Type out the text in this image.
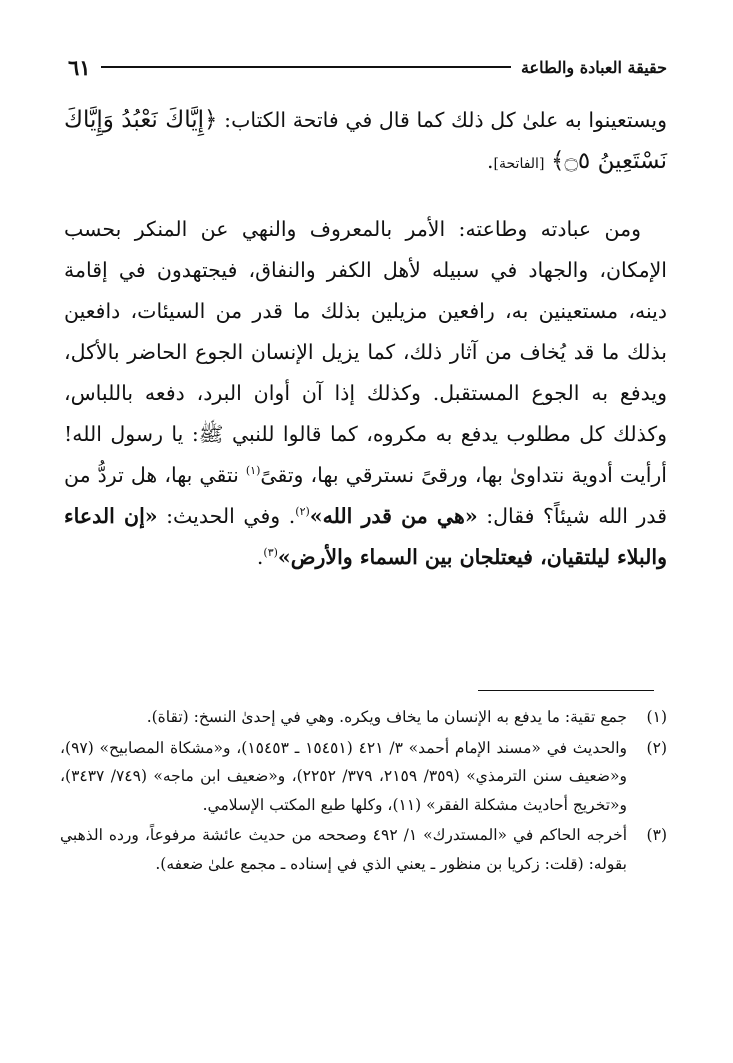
٦١	حقيقة العبادة والطاعة
ويستعينوا به علىٰ كل ذلك كما قال في فاتحة الكتاب: ﴿إِيَّاكَ نَعْبُدُ وَإِيَّاكَ نَسْتَعِينُ ۝٥﴾ [الفاتحة].
ومن عبادته وطاعته: الأمر بالمعروف والنهي عن المنكر بحسب الإمكان، والجهاد في سبيله لأهل الكفر والنفاق، فيجتهدون في إقامة دينه، مستعينين به، رافعين مزيلين بذلك ما قدر من السيئات، دافعين بذلك ما قد يُخاف من آثار ذلك، كما يزيل الإنسان الجوع الحاضر بالأكل، ويدفع به الجوع المستقبل. وكذلك إذا آن أوان البرد، دفعه باللباس، وكذلك كل مطلوب يدفع به مكروه، كما قالوا للنبي ﷺ: يا رسول الله! أرأيت أدوية نتداوىٰ بها، ورقىً نسترقي بها، وتقىً$^{(١)}$ نتقي بها، هل تردُّ من قدر الله شيئاً؟ فقال: «هي من قدر الله»$^{(٢)}$. وفي الحديث: «إن الدعاء والبلاء ليلتقيان، فيعتلجان بين السماء والأرض»$^{(٣)}$.
(١)
جمع تقية: ما يدفع به الإنسان ما يخاف ويكره. وهي في إحدىٰ النسخ: (تقاة).
(٢)
والحديث في «مسند الإمام أحمد» ٣/ ٤٢١ (١٥٤٥١ ـ ١٥٤٥٣)، و«مشكاة المصابيح» (٩٧)، و«ضعيف سنن الترمذي» (٣٥٩/ ٢١٥٩، ٣٧٩/ ٢٢٥٢)، و«ضعيف ابن ماجه» (٧٤٩/ ٣٤٣٧)، و«تخريج أحاديث مشكلة الفقر» (١١)، وكلها طبع المكتب الإسلامي.
(٣)
أخرجه الحاكم في «المستدرك» ١/ ٤٩٢ وصححه من حديث عائشة مرفوعاً، ورده الذهبي بقوله: (قلت: زكريا بن منظور ـ يعني الذي في إسناده ـ مجمع علىٰ ضعفه).
